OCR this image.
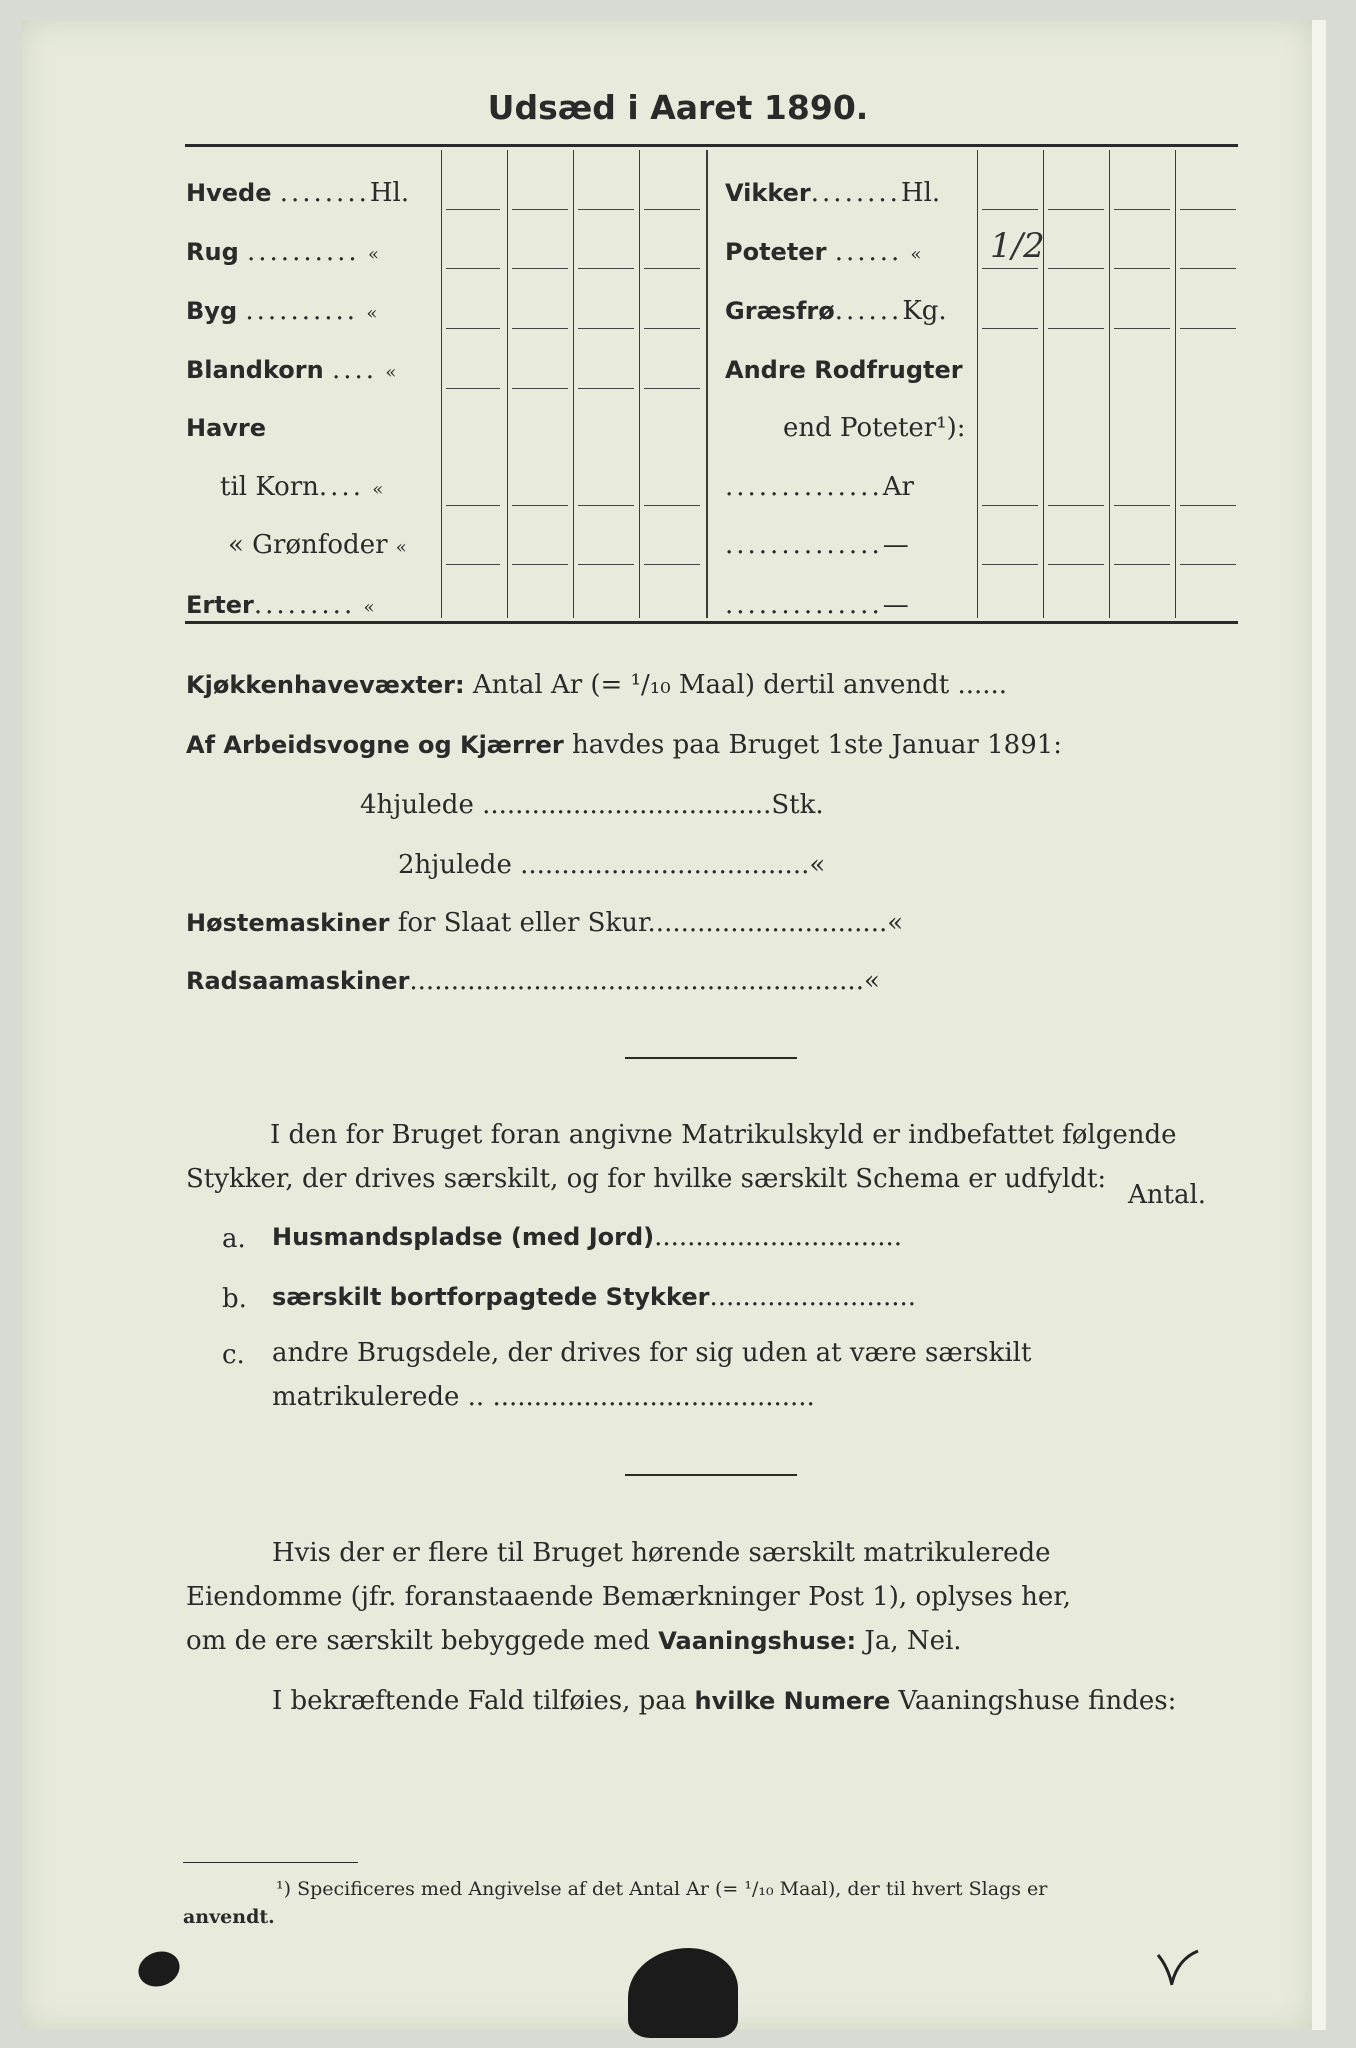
Udsæd i Aaret 1890.
Hvede ........Hl.
Rug .......... «
Byg .......... «
Blandkorn .... «
Havre
til Korn.... «
« Grønfoder «
Erter......... «
Vikker........Hl.
Poteter ...... «
Græsfrø......Kg.
Andre Rodfrugter
end Poteter¹):
..............Ar
..............—
..............—
1/2
Kjøkkenhavevæxter: Antal Ar (= ¹/₁₀ Maal) dertil anvendt ......
Af Arbeidsvogne og Kjærrer havdes paa Bruget 1ste Januar 1891:
4hjulede ...................................Stk.
2hjulede ...................................«
Høstemaskiner for Slaat eller Skur.............................«
Radsaamaskiner.......................................................«
I den for Bruget foran angivne Matrikulskyld er indbefattet følgende
Stykker, der drives særskilt, og for hvilke særskilt Schema er udfyldt:
Antal.
a. Husmandspladse (med Jord)..............................
b. særskilt bortforpagtede Stykker.........................
c. andre Brugsdele, der drives for sig uden at være særskilt
matrikulerede .. .......................................
Hvis der er flere til Bruget hørende særskilt matrikulerede
Eiendomme (jfr. foranstaaende Bemærkninger Post 1), oplyses her,
om de ere særskilt bebyggede med Vaaningshuse: Ja, Nei.
I bekræftende Fald tilføies, paa hvilke Numere Vaaningshuse findes:
¹) Specificeres med Angivelse af det Antal Ar (= ¹/₁₀ Maal), der til hvert Slags er
anvendt.
